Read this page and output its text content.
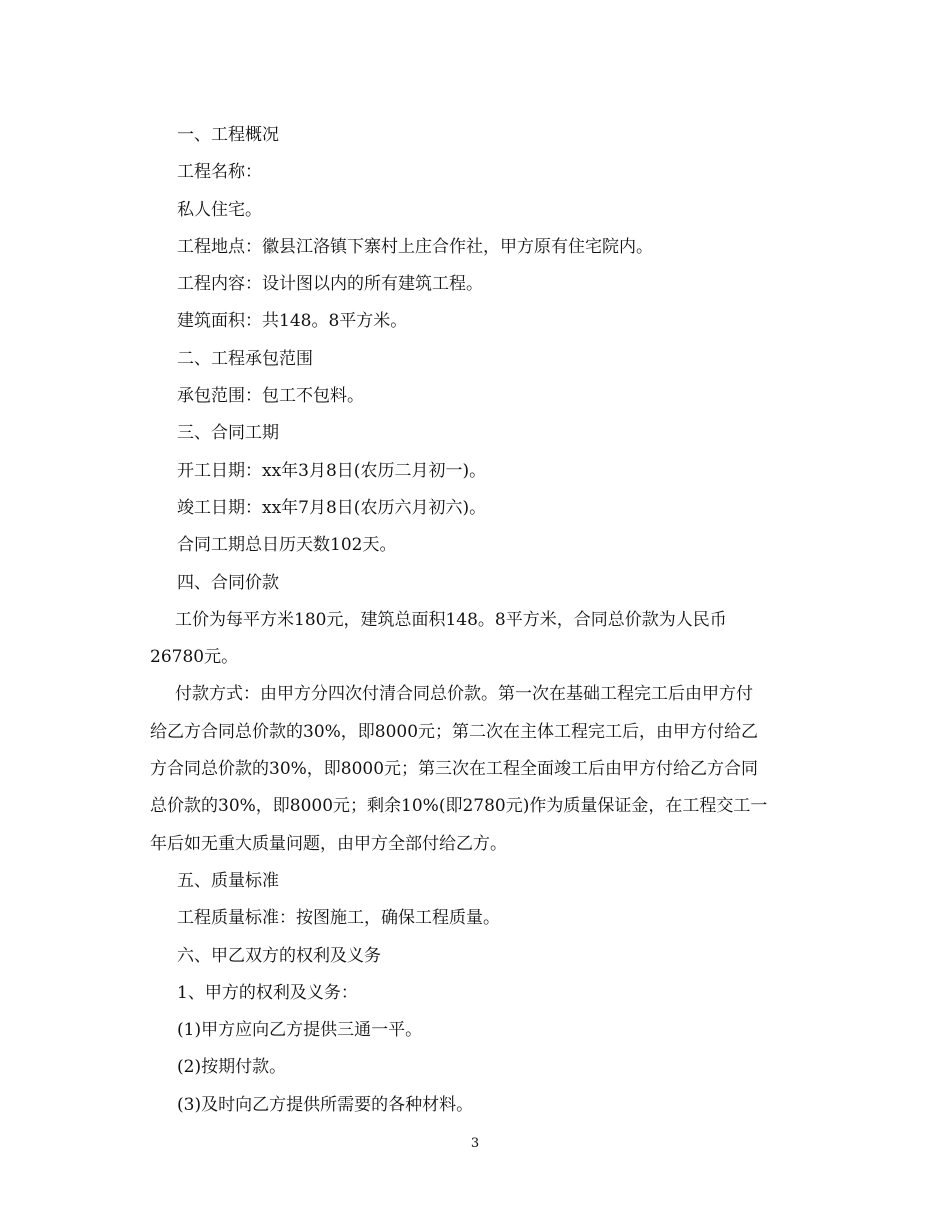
一、工程概况
工程名称：
私人住宅。
工程地点：徽县江洛镇下寨村上庄合作社，甲方原有住宅院内。
工程内容：设计图以内的所有建筑工程。
建筑面积：共148。8平方米。
二、工程承包范围
承包范围：包工不包料。
三、合同工期
开工日期：xx年3月8日(农历二月初一)。
竣工日期：xx年7月8日(农历六月初六)。
合同工期总日历天数102天。
四、合同价款
工价为每平方米180元，建筑总面积148。8平方米，合同总价款为人民币
26780元。
付款方式：由甲方分四次付清合同总价款。第一次在基础工程完工后由甲方付
给乙方合同总价款的30%，即8000元；第二次在主体工程完工后，由甲方付给乙
方合同总价款的30%，即8000元；第三次在工程全面竣工后由甲方付给乙方合同
总价款的30%，即8000元；剩余10%(即2780元)作为质量保证金，在工程交工一
年后如无重大质量问题，由甲方全部付给乙方。
五、质量标准
工程质量标准：按图施工，确保工程质量。
六、甲乙双方的权利及义务
1、甲方的权利及义务：
(1)甲方应向乙方提供三通一平。
(2)按期付款。
(3)及时向乙方提供所需要的各种材料。
3
